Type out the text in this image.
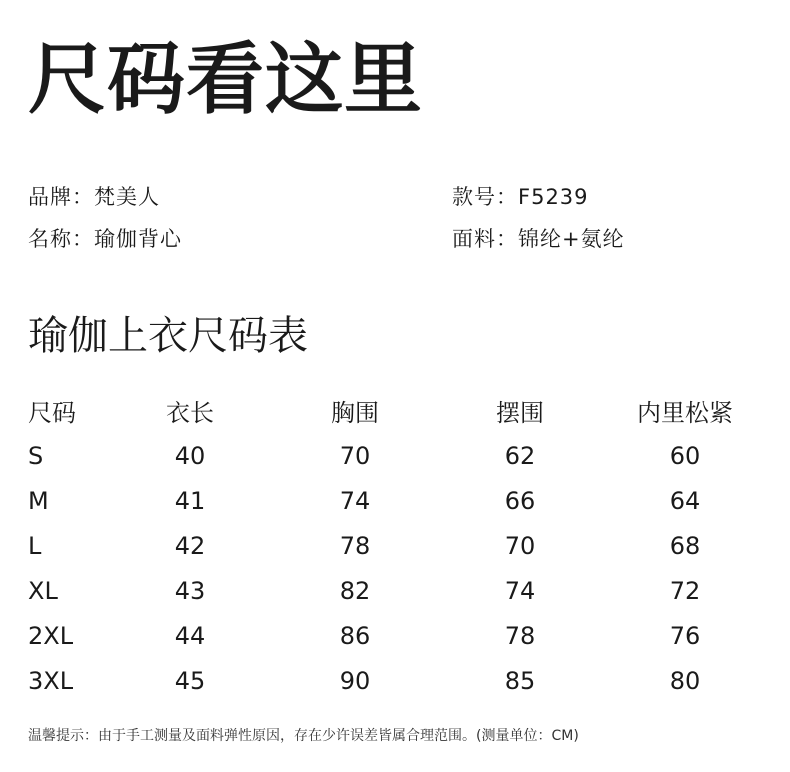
尺码看这里
品牌：梵美人	款号：F5239
名称：瑜伽背心	面料：锦纶+氨纶
瑜伽上衣尺码表
尺码	衣长	胸围	摆围	内里松紧
S	40	70	62	60
M	41	74	66	64
L	42	78	70	68
XL	43	82	74	72
2XL	44	86	78	76
3XL	45	90	85	80
温馨提示：由于手工测量及面料弹性原因，存在少许误差皆属合理范围。(测量单位：CM)
